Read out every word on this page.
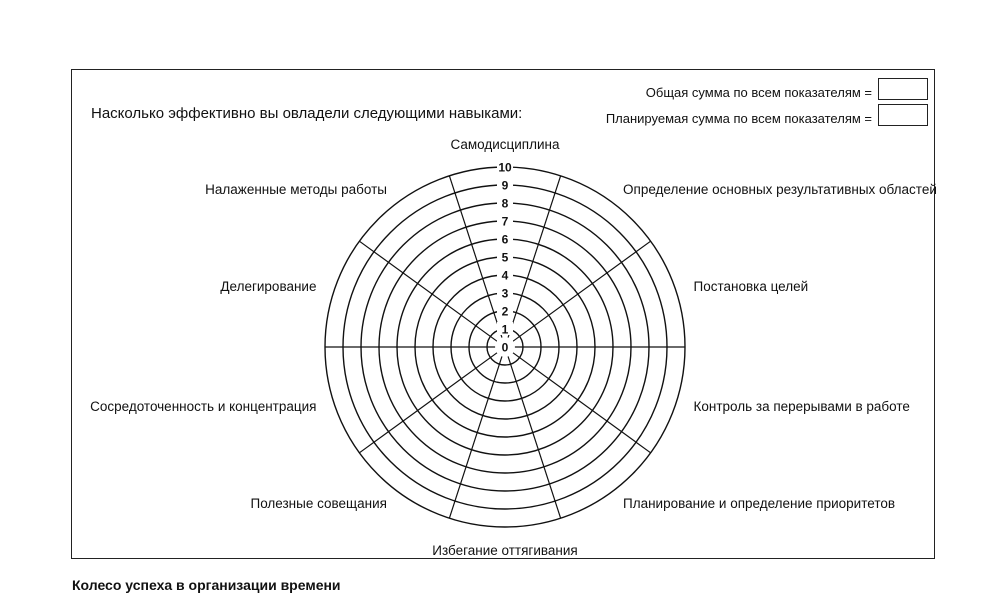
Насколько эффективно вы овладели следующими навыками:
Общая сумма по всем показателям =
Планируемая сумма по всем показателям =
0
1
2
3
4
5
6
7
8
9
10
Самодисциплина
Определение основных результативных областей
Постановка целей
Контроль за перерывами в работе
Планирование и определение приоритетов
Избегание оттягивания
Полезные совещания
Сосредоточенность и концентрация
Делегирование
Налаженные методы работы
Колесо успеха в организации времени
